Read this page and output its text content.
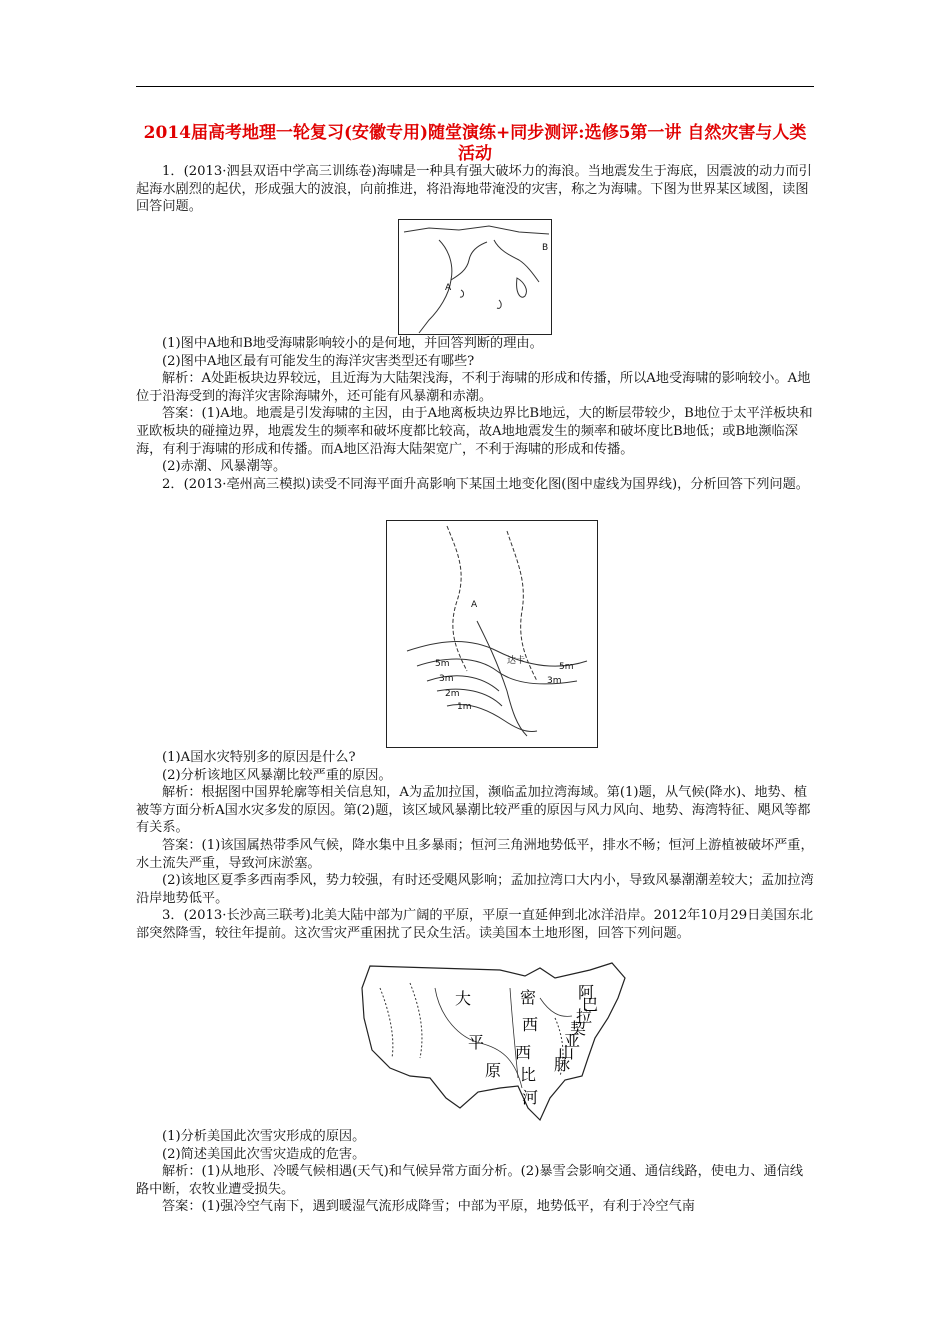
2014届高考地理一轮复习(安徽专用)随堂演练+同步测评:选修5第一讲 自然灾害与人类活动

1．(2013·泗县双语中学高三训练卷)海啸是一种具有强大破坏力的海浪。当地震发生于海底，因震波的动力而引起海水剧烈的起伏，形成强大的波浪，向前推进，将沿海地带淹没的灾害，称之为海啸。下图为世界某区域图，读图回答问题。

B
A

(1)图中A地和B地受海啸影响较小的是何地，并回答判断的理由。

(2)图中A地区最有可能发生的海洋灾害类型还有哪些?

解析：A处距板块边界较远，且近海为大陆架浅海，不利于海啸的形成和传播，所以A地受海啸的影响较小。A地位于沿海受到的海洋灾害除海啸外，还可能有风暴潮和赤潮。

答案：(1)A地。地震是引发海啸的主因，由于A地离板块边界比B地远，大的断层带较少，B地位于太平洋板块和亚欧板块的碰撞边界，地震发生的频率和破坏度都比较高，故A地地震发生的频率和破坏度比B地低；或B地濒临深海，有利于海啸的形成和传播。而A地区沿海大陆架宽广，不利于海啸的形成和传播。

(2)赤潮、风暴潮等。

2．(2013·亳州高三模拟)读受不同海平面升高影响下某国土地变化图(图中虚线为国界线)，分析回答下列问题。

A
达卡
5m
3m
2m
1m
5m
3m

(1)A国水灾特别多的原因是什么?

(2)分析该地区风暴潮比较严重的原因。

解析：根据图中国界轮廓等相关信息知，A为孟加拉国，濒临孟加拉湾海域。第(1)题，从气候(降水)、地势、植被等方面分析A国水灾多发的原因。第(2)题，该区域风暴潮比较严重的原因与风力风向、地势、海湾特征、飓风等都有关系。

答案：(1)该国属热带季风气候，降水集中且多暴雨；恒河三角洲地势低平，排水不畅；恒河上游植被破坏严重，水土流失严重，导致河床淤塞。

(2)该地区夏季多西南季风，势力较强，有时还受飓风影响；孟加拉湾口大内小，导致风暴潮潮差较大；孟加拉湾沿岸地势低平。

3．(2013·长沙高三联考)北美大陆中部为广阔的平原，平原一直延伸到北冰洋沿岸。2012年10月29日美国东北部突然降雪，较往年提前。这次雪灾严重困扰了民众生活。读美国本土地形图，回答下列问题。

大
平
原
密
西
西
比
河
阿
巴
拉
契
亚
山
脉

(1)分析美国此次雪灾形成的原因。

(2)简述美国此次雪灾造成的危害。

解析：(1)从地形、冷暖气候相遇(天气)和气候异常方面分析。(2)暴雪会影响交通、通信线路，使电力、通信线路中断，农牧业遭受损失。

答案：(1)强冷空气南下，遇到暖湿气流形成降雪；中部为平原，地势低平，有利于冷空气南
